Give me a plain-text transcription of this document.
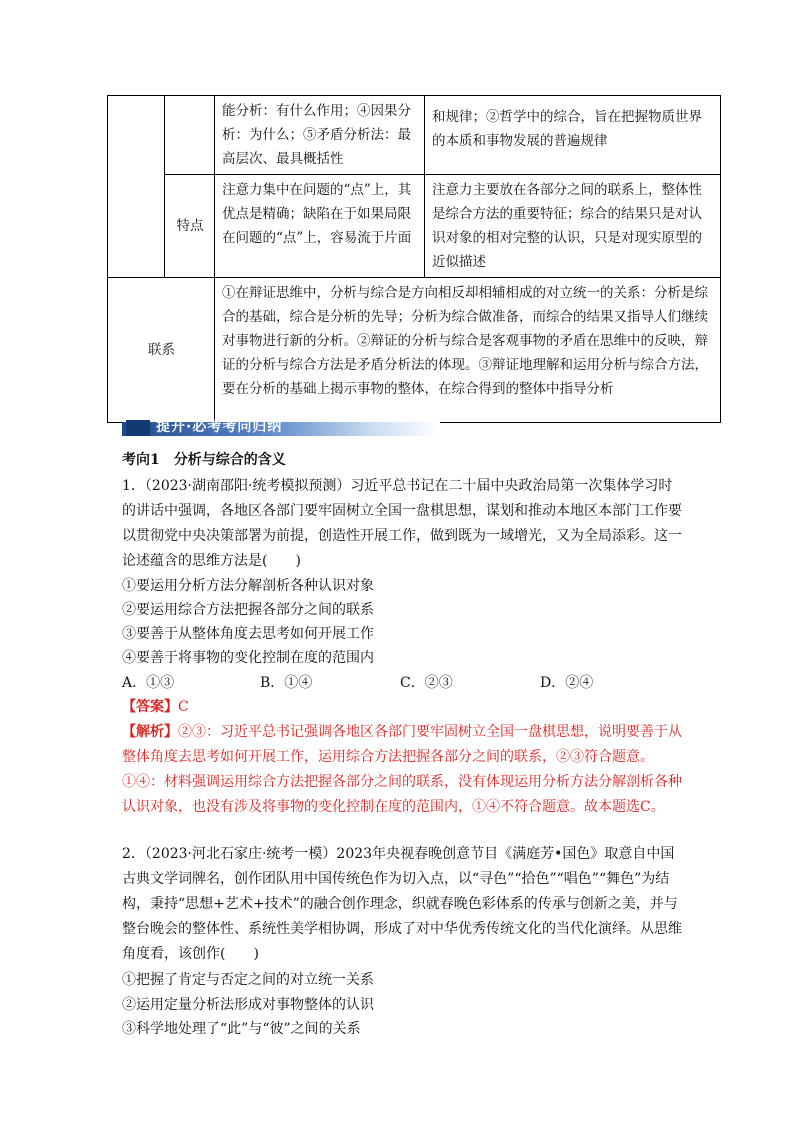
		能分析：有什么作用；④因果分析：为什么；⑤矛盾分析法：最高层次、最具概括性	和规律；②哲学中的综合，旨在把握物质世界的本质和事物发展的普遍规律
	特点	注意力集中在问题的“点”上，其优点是精确；缺陷在于如果局限在问题的“点”上，容易流于片面	注意力主要放在各部分之间的联系上，整体性是综合方法的重要特征；综合的结果只是对认识对象的相对完整的认识，只是对现实原型的近似描述
联系		①在辩证思维中，分析与综合是方向相反却相辅相成的对立统一的关系：分析是综合的基础，综合是分析的先导；分析为综合做准备，而综合的结果又指导人们继续对事物进行新的分析。②辩证的分析与综合是客观事物的矛盾在思维中的反映，辩证的分析与综合方法是矛盾分析法的体现。③辩证地理解和运用分析与综合方法，要在分析的基础上揭示事物的整体，在综合得到的整体中指导分析	
提升·必考考向归纳
考向1　分析与综合的含义
1．（2023·湖南邵阳·统考模拟预测）习近平总书记在二十届中央政治局第一次集体学习时的讲话中强调，各地区各部门要牢固树立全国一盘棋思想，谋划和推动本地区本部门工作要以贯彻党中央决策部署为前提，创造性开展工作，做到既为一域增光，又为全局添彩。这一论述蕴含的思维方法是(　　)
①要运用分析方法分解剖析各种认识对象
②要运用综合方法把握各部分之间的联系
③要善于从整体角度去思考如何开展工作
④要善于将事物的变化控制在度的范围内
A．①③	B．①④	C．②③	D．②④
【答案】C
【解析】②③：习近平总书记强调各地区各部门要牢固树立全国一盘棋思想，说明要善于从整体角度去思考如何开展工作，运用综合方法把握各部分之间的联系，②③符合题意。①④：材料强调运用综合方法把握各部分之间的联系，没有体现运用分析方法分解剖析各种认识对象，也没有涉及将事物的变化控制在度的范围内，①④不符合题意。故本题选C。
2．（2023·河北石家庄·统考一模）2023年央视春晚创意节目《满庭芳•国色》取意自中国古典文学词牌名，创作团队用中国传统色作为切入点，以“寻色”“拾色”“唱色”“舞色”为结构，秉持“思想+艺术+技术”的融合创作理念，织就春晚色彩体系的传承与创新之美，并与整台晚会的整体性、系统性美学相协调，形成了对中华优秀传统文化的当代化演绎。从思维角度看，该创作(　　)
①把握了肯定与否定之间的对立统一关系
②运用定量分析法形成对事物整体的认识
③科学地处理了“此”与“彼”之间的关系
